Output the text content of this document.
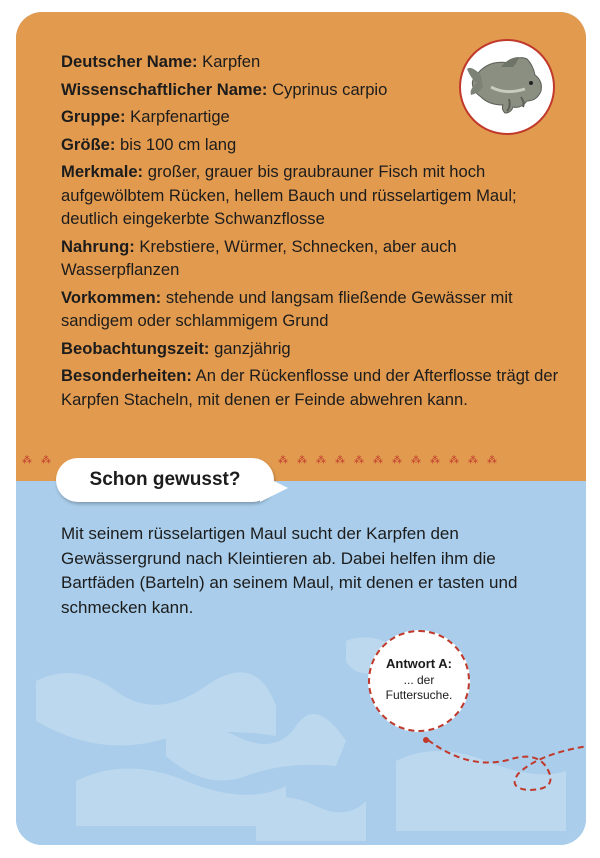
⁂⁂	⁂⁂⁂⁂⁂⁂⁂⁂⁂⁂⁂⁂
Deutscher Name: Karpfen
Wissenschaftlicher Name: Cyprinus carpio
Gruppe: Karpfenartige
Größe: bis 100 cm lang
Merkmale: großer, grauer bis graubrauner Fisch mit hoch aufgewölbtem Rücken, hellem Bauch und rüsselartigem Maul; deutlich eingekerbte Schwanzflosse
Nahrung: Krebstiere, Würmer, Schnecken, aber auch Wasserpflanzen
Vorkommen: stehende und langsam fließende Gewässer mit sandigem oder schlammigem Grund
Beobachtungszeit: ganzjährig
Besonderheiten: An der Rückenflosse und der Afterflosse trägt der Karpfen Stacheln, mit denen er Feinde abwehren kann.
Schon gewusst?
Mit seinem rüsselartigen Maul sucht der Karpfen den Gewässergrund nach Kleintieren ab. Dabei helfen ihm die Bartfäden (Barteln) an seinem Maul, mit denen er tasten und schmecken kann.
Antwort A:
... der Futtersuche.
